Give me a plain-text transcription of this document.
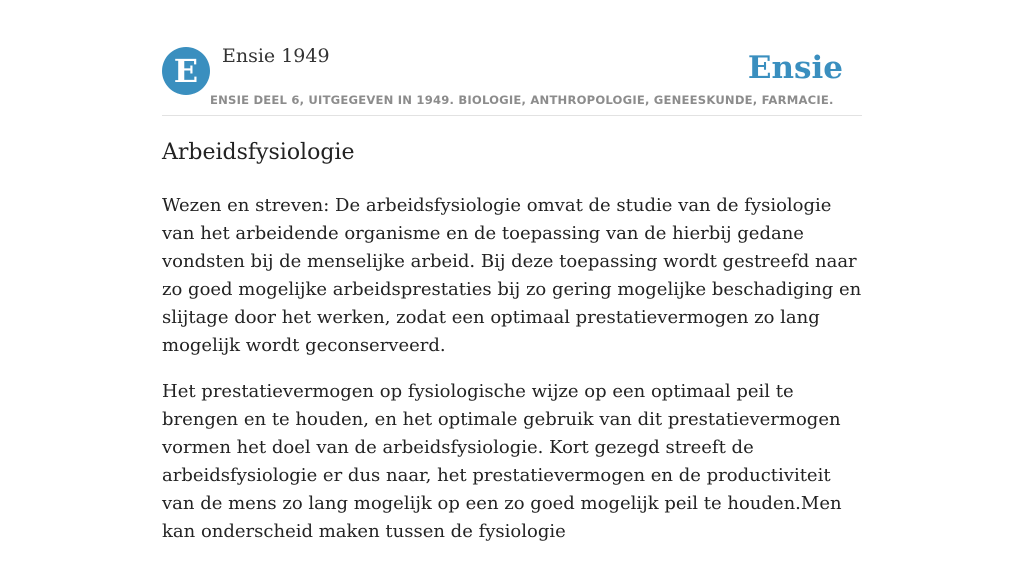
E	Ensie 1949	Ensie
ENSIE DEEL 6, UITGEGEVEN IN 1949. BIOLOGIE, ANTHROPOLOGIE, GENEESKUNDE, FARMACIE.
Arbeidsfysiologie

Wezen en streven: De arbeidsfysiologie omvat de studie van de fysiologie van het arbeidende organisme en de toepassing van de hierbij gedane vondsten bij de menselijke arbeid. Bij deze toepassing wordt gestreefd naar zo goed mogelijke arbeidsprestaties bij zo gering mogelijke beschadiging en slijtage door het werken, zodat een optimaal prestatievermogen zo lang mogelijk wordt geconserveerd.

Het prestatievermogen op fysiologische wijze op een optimaal peil te brengen en te houden, en het optimale gebruik van dit prestatievermogen vormen het doel van de arbeidsfysiologie. Kort gezegd streeft de arbeidsfysiologie er dus naar, het prestatievermogen en de productiviteit van de mens zo lang mogelijk op een zo goed mogelijk peil te houden.Men kan onderscheid maken tussen de fysiologie
